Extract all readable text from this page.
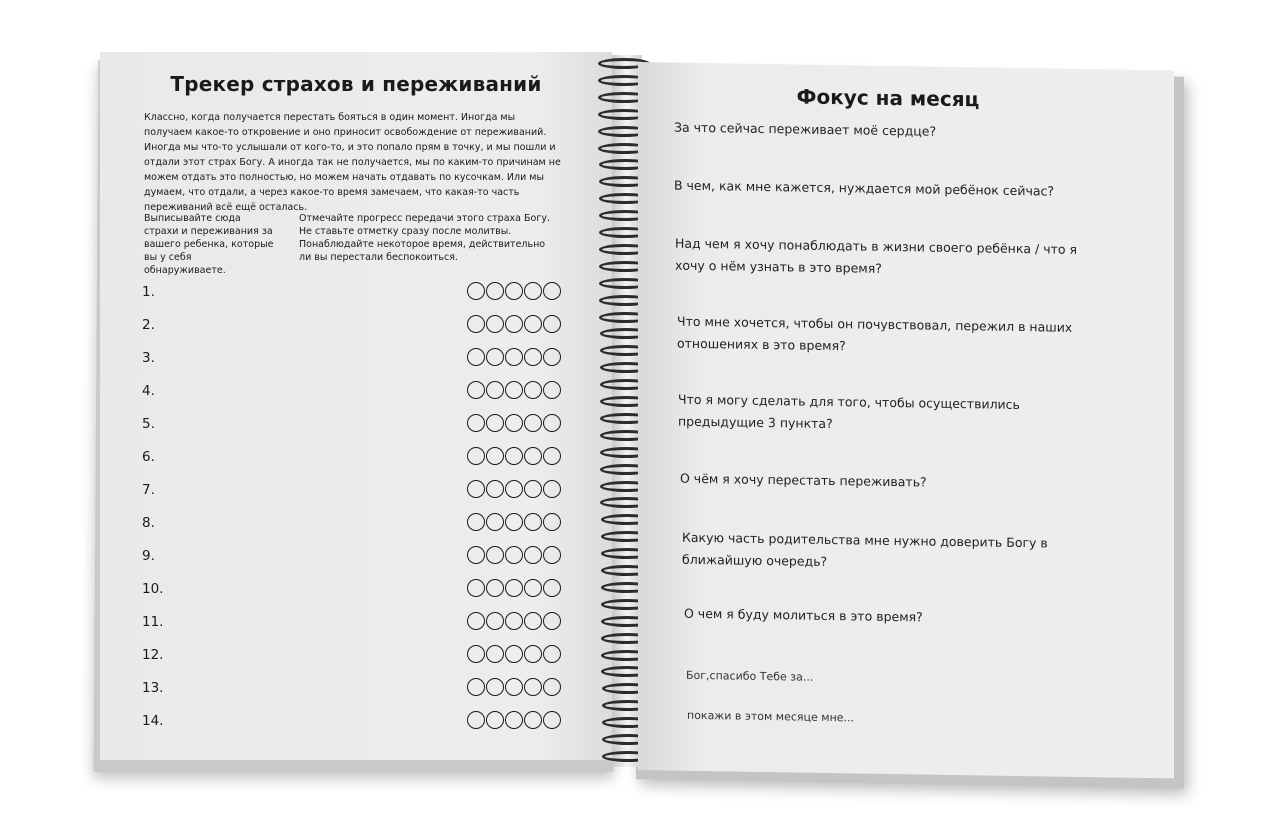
Трекер страхов и переживаний

Классно, когда получается перестать бояться в один момент. Иногда мы получаем какое-то откровение и оно приносит освобождение от переживаний. Иногда мы что-то услышали от кого-то, и это попало прям в точку, и мы пошли и отдали этот страх Богу. А иногда так не получается, мы по каким-то причинам не можем отдать это полностью, но можем начать отдавать по кусочкам. Или мы думаем, что отдали, а через какое-то время замечаем, что какая-то часть переживаний всё ещё осталась.

Выписывайте сюда страхи и переживания за вашего ребенка, которые вы у себя обнаруживаете.

Отмечайте прогресс передачи этого страха Богу. Не ставьте отметку сразу после молитвы. Понаблюдайте некоторое время, действительно ли вы перестали беспокоиться.

1.
2.
3.
4.
5.
6.
7.
8.
9.
10.
11.
12.
13.
14.
Фокус на месяц

За что сейчас переживает моё сердце?

В чем, как мне кажется, нуждается мой ребёнок сейчас?

Над чем я хочу понаблюдать в жизни своего ребёнка / что я хочу о нём узнать в это время?

Что мне хочется, чтобы он почувствовал, пережил в наших отношениях в это время?

Что я могу сделать для того, чтобы осуществились предыдущие 3 пункта?

О чём я хочу перестать переживать?

Какую часть родительства мне нужно доверить Богу в ближайшую очередь?

О чем я буду молиться в это время?

Бог,спасибо Тебе за...

покажи в этом месяце мне...
